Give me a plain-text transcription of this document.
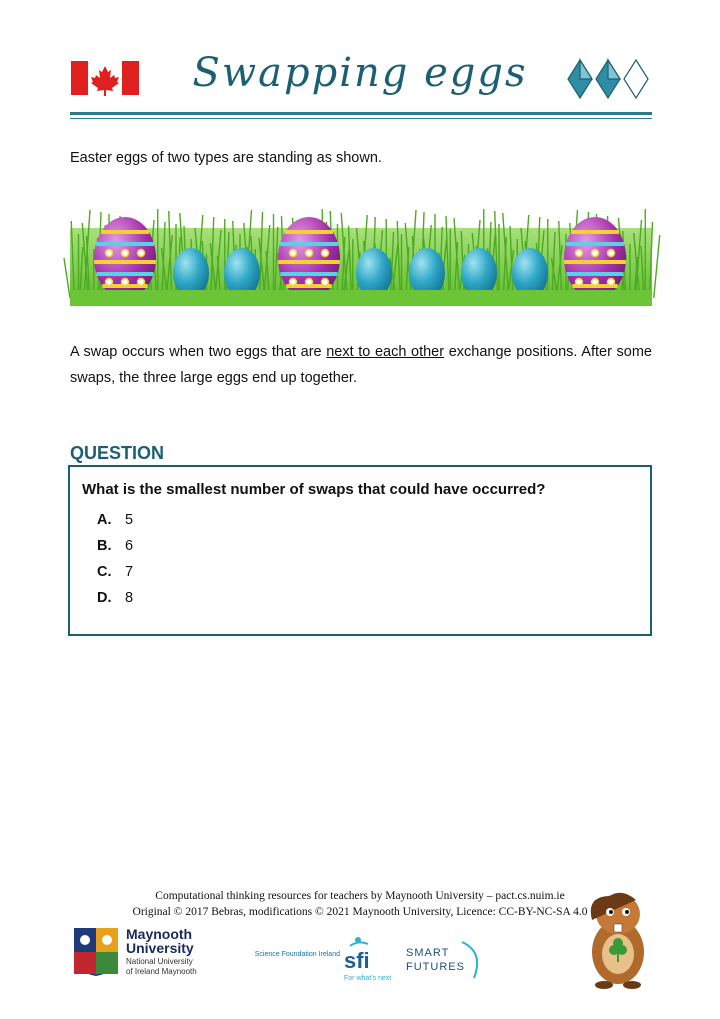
Swapping eggs
Easter eggs of two types are standing as shown.
A swap occurs when two eggs that are next to each other exchange positions. After some swaps, the three large eggs end up together.
QUESTION
What is the smallest number of swaps that could have occurred?
A. 5
B. 6
C. 7
D. 8
Computational thinking resources for teachers by Maynooth University – pact.cs.nuim.ie
Original © 2017 Bebras, modifications © 2021 Maynooth University, Licence: CC-BY-NC-SA 4.0
Maynooth
University
National University
of Ireland Maynooth
Science Foundation Ireland sfi
For what's next
SMART
FUTURES
